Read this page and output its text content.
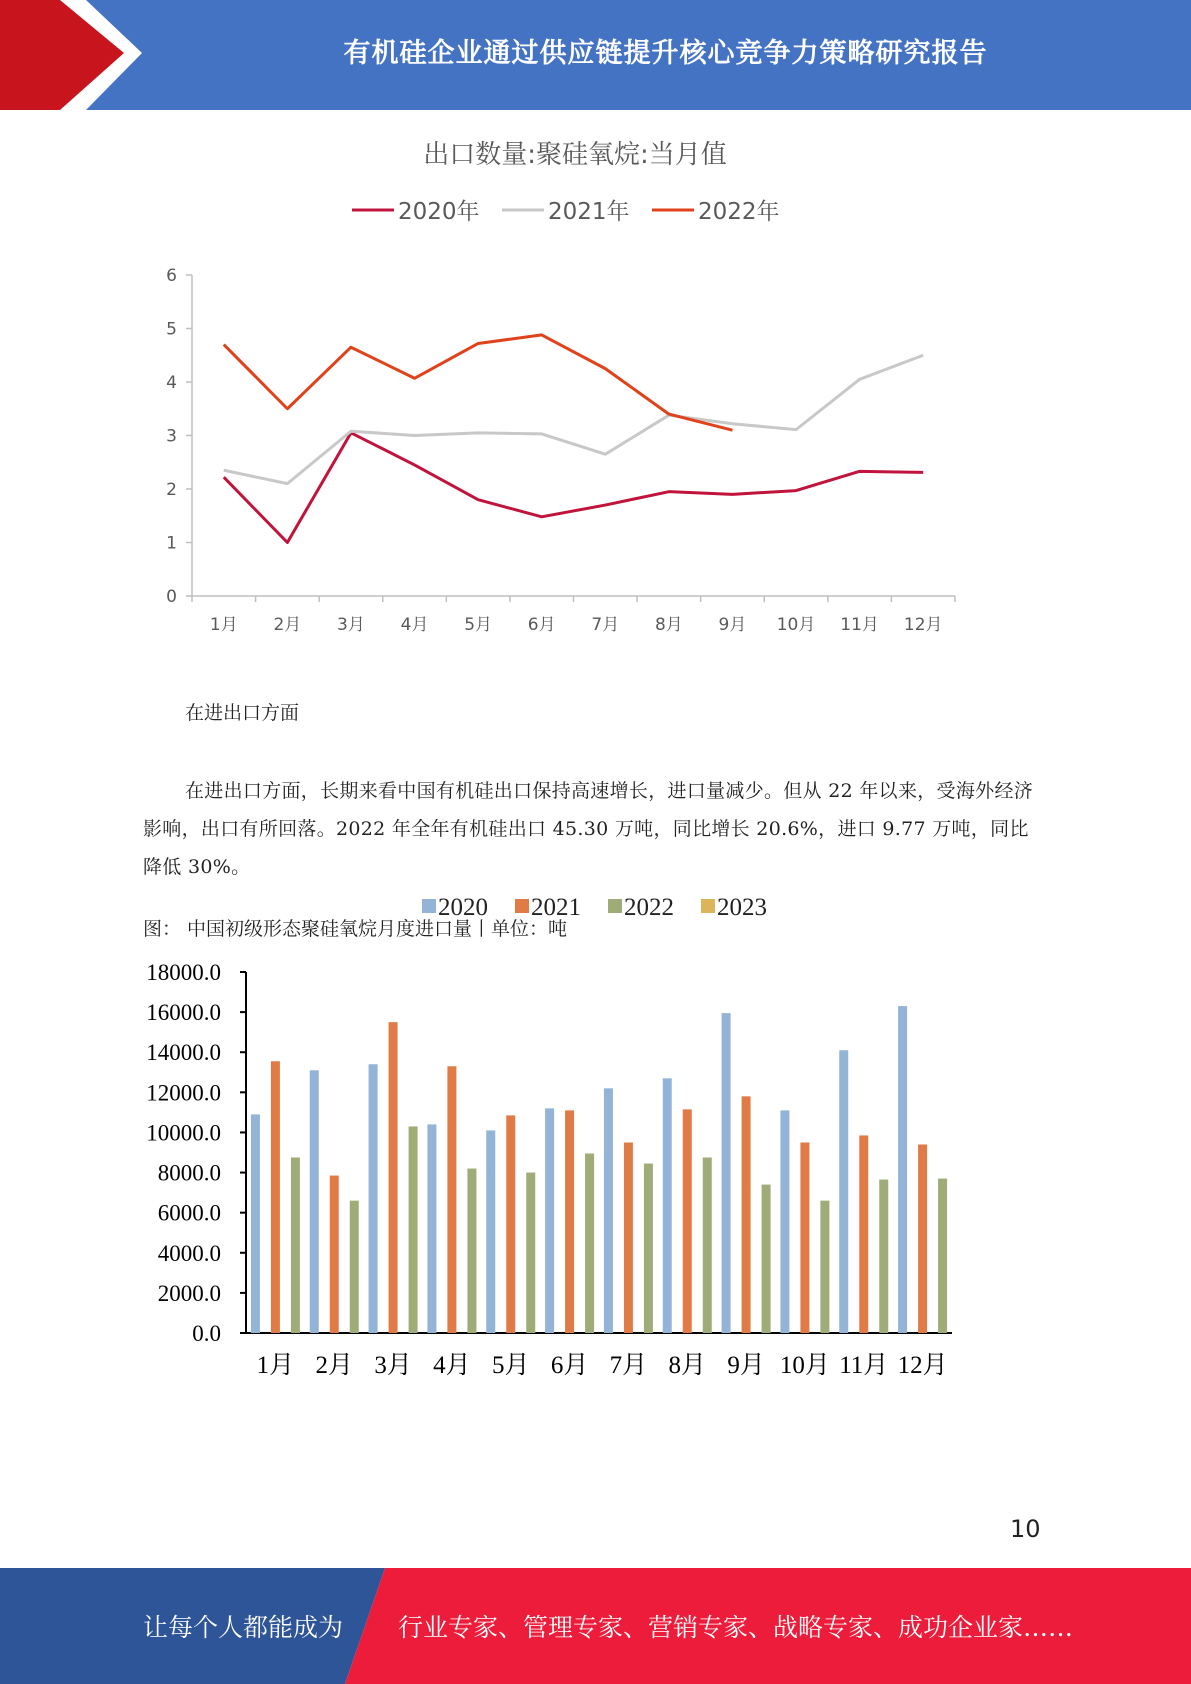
有机硅企业通过供应链提升核心竞争力策略研究报告
出口数量:聚硅氧烷:当月值
2020年	2021年	2022年
0
1
2
3
4
5
6
1月 2月 3月 4月 5月 6月 7月 8月 9月 10月 11月 12月
在进出口方面
在进出口方面，长期来看中国有机硅出口保持高速增长，进口量减少。但从 22 年以来，受海外经济影响，出口有所回落。2022 年全年有机硅出口 45.30 万吨，同比增长 20.6%，进口 9.77 万吨，同比降低 30%。
图： 中国初级形态聚硅氧烷月度进口量丨单位：吨
2020 2021 2022 2023
0.0
2000.0
4000.0
6000.0
8000.0
10000.0
12000.0
14000.0
16000.0
18000.0
1月 2月 3月 4月 5月 6月 7月 8月 9月 10月 11月 12月
10
让每个人都能成为 行业专家、管理专家、营销专家、战略专家、成功企业家……
